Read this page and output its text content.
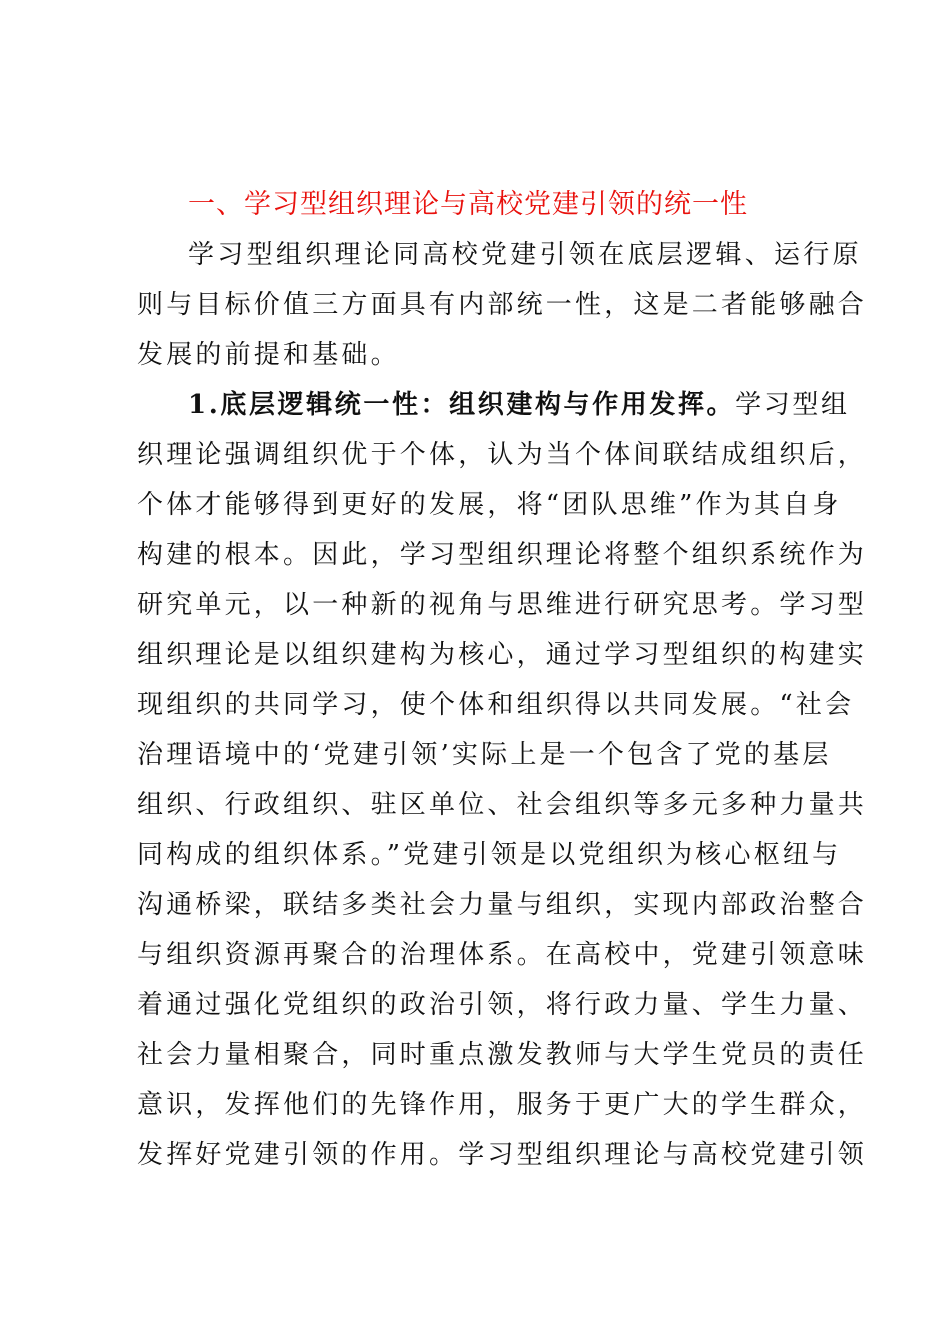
一、学习型组织理论与高校党建引领的统一性

学习型组织理论同高校党建引领在底层逻辑、运行原

则与目标价值三方面具有内部统一性，这是二者能够融合

发展的前提和基础。

1.底层逻辑统一性：组织建构与作用发挥。学习型组

织理论强调组织优于个体，认为当个体间联结成组织后，

个体才能够得到更好的发展，将“团队思维”作为其自身

构建的根本。因此，学习型组织理论将整个组织系统作为

研究单元，以一种新的视角与思维进行研究思考。学习型

组织理论是以组织建构为核心，通过学习型组织的构建实

现组织的共同学习，使个体和组织得以共同发展。“社会

治理语境中的‘党建引领’实际上是一个包含了党的基层

组织、行政组织、驻区单位、社会组织等多元多种力量共

同构成的组织体系。”党建引领是以党组织为核心枢纽与

沟通桥梁，联结多类社会力量与组织，实现内部政治整合

与组织资源再聚合的治理体系。在高校中，党建引领意味

着通过强化党组织的政治引领，将行政力量、学生力量、

社会力量相聚合，同时重点激发教师与大学生党员的责任

意识，发挥他们的先锋作用，服务于更广大的学生群众，

发挥好党建引领的作用。学习型组织理论与高校党建引领
